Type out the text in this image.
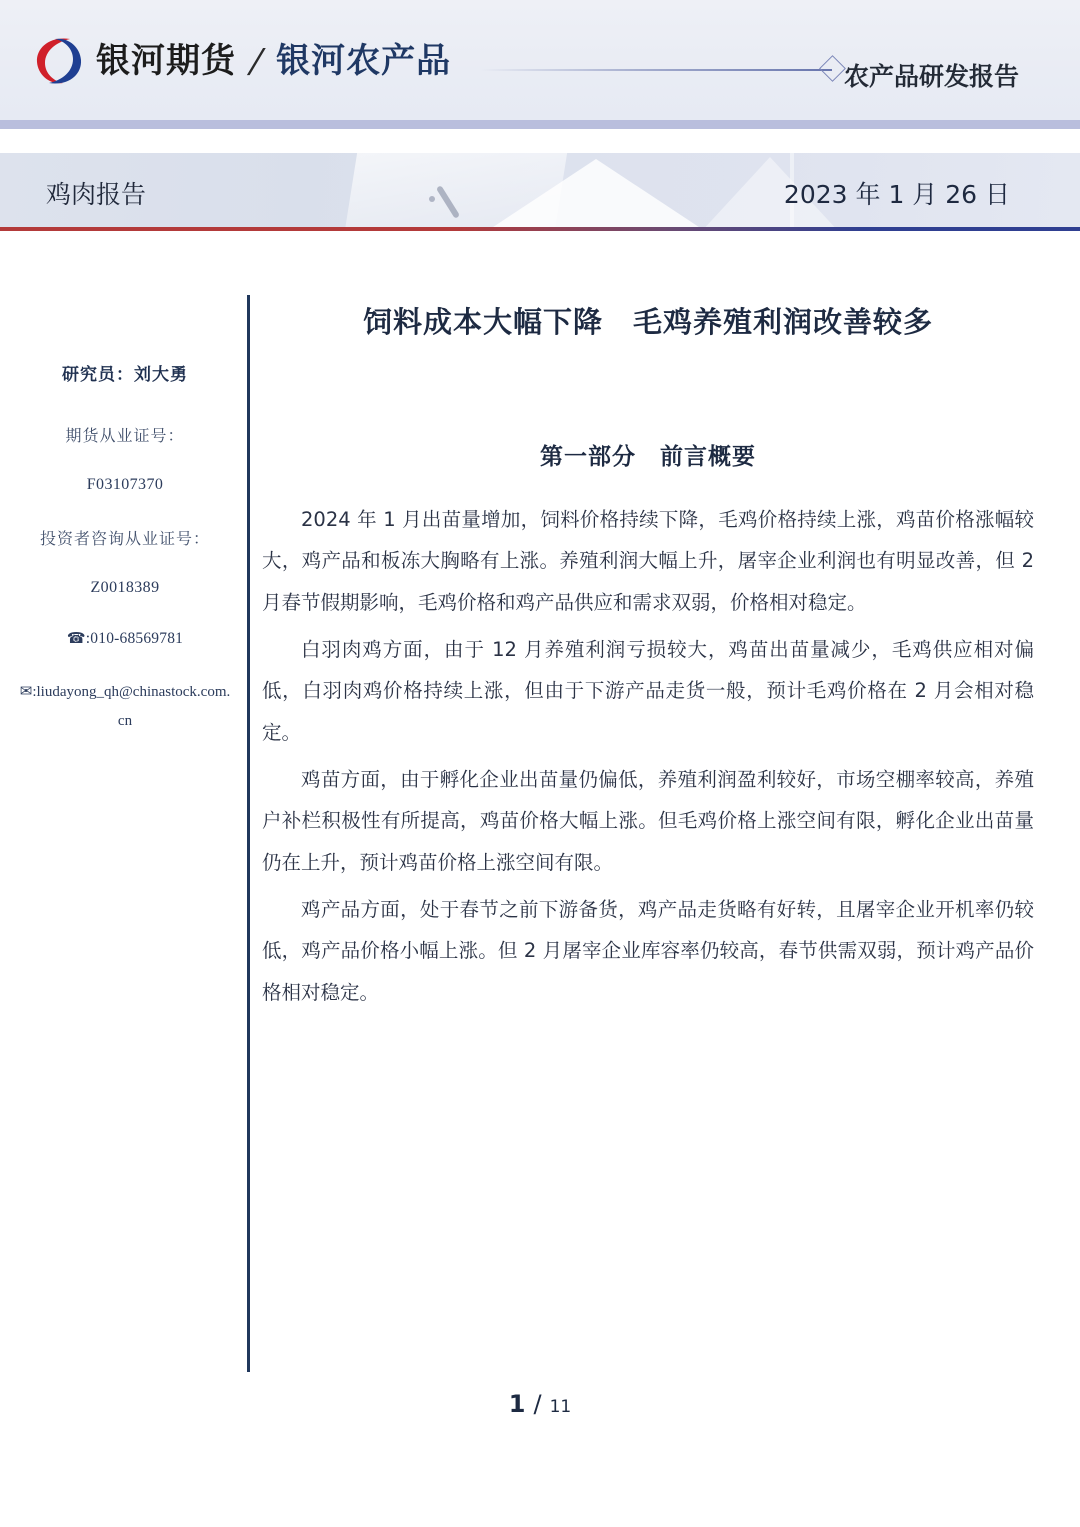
银河期货 / 银河农产品	农产品研发报告
鸡肉报告	2023 年 1 月 26 日
研究员：刘大勇
期货从业证号：
F03107370
投资者咨询从业证号：
Z0018389
☎:010-68569781
✉:liudayong_qh@chinastock.com.cn
饲料成本大幅下降　毛鸡养殖利润改善较多
第一部分　前言概要

2024 年 1 月出苗量增加，饲料价格持续下降，毛鸡价格持续上涨，鸡苗价格涨幅较大，鸡产品和板冻大胸略有上涨。养殖利润大幅上升，屠宰企业利润也有明显改善，但 2 月春节假期影响，毛鸡价格和鸡产品供应和需求双弱，价格相对稳定。

白羽肉鸡方面，由于 12 月养殖利润亏损较大，鸡苗出苗量减少，毛鸡供应相对偏低，白羽肉鸡价格持续上涨，但由于下游产品走货一般，预计毛鸡价格在 2 月会相对稳定。

鸡苗方面，由于孵化企业出苗量仍偏低，养殖利润盈利较好，市场空棚率较高，养殖户补栏积极性有所提高，鸡苗价格大幅上涨。但毛鸡价格上涨空间有限，孵化企业出苗量仍在上升，预计鸡苗价格上涨空间有限。

鸡产品方面，处于春节之前下游备货，鸡产品走货略有好转，且屠宰企业开机率仍较低，鸡产品价格小幅上涨。但 2 月屠宰企业库容率仍较高，春节供需双弱，预计鸡产品价格相对稳定。

1 / 11
